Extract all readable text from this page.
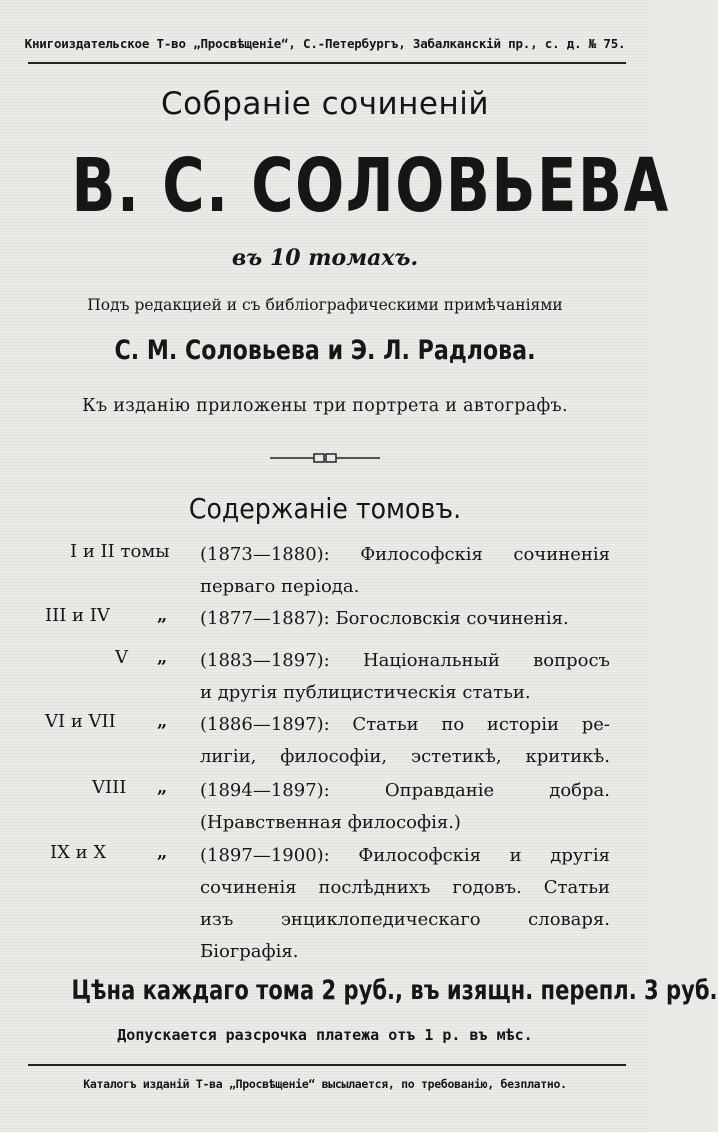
Книгоиздательское Т-во „Просвѣщеніе“, С.-Петербургъ, Забалканскій пр., с. д. № 75.
Собраніе сочиненій
В. С. СОЛОВЬЕВА
въ 10 томахъ.
Подъ редакцией и съ библіографическими примѣчаніями
С. М. Соловьева и Э. Л. Радлова.
Къ изданію приложены три портрета и автографъ.
Содержаніе томовъ.
I и II томы (1873—1880): Философскія сочиненія
перваго періода.
III и IV	„ (1877—1887): Богословскія сочиненія.
V „ (1883—1897): Національный вопросъ
и другія публицистическія статьи.
VI и VII „ (1886—1897): Статьи по исторіи ре-
лигіи, философіи, эстетикѣ, критикѣ.
VIII „ (1894—1897): Оправданіе добра.
(Нравственная философія.)
IX и X	„ (1897—1900): Философскія и другія
сочиненія послѣднихъ годовъ. Статьи
изъ энциклопедическаго словаря.
Біографія.
Цѣна каждаго тома 2 руб., въ изящн. перепл. 3 руб.
Допускается разсрочка платежа отъ 1 р. въ мѣс.
Каталогъ изданій Т-ва „Просвѣщеніе“ высылается, по требованію, безплатно.
